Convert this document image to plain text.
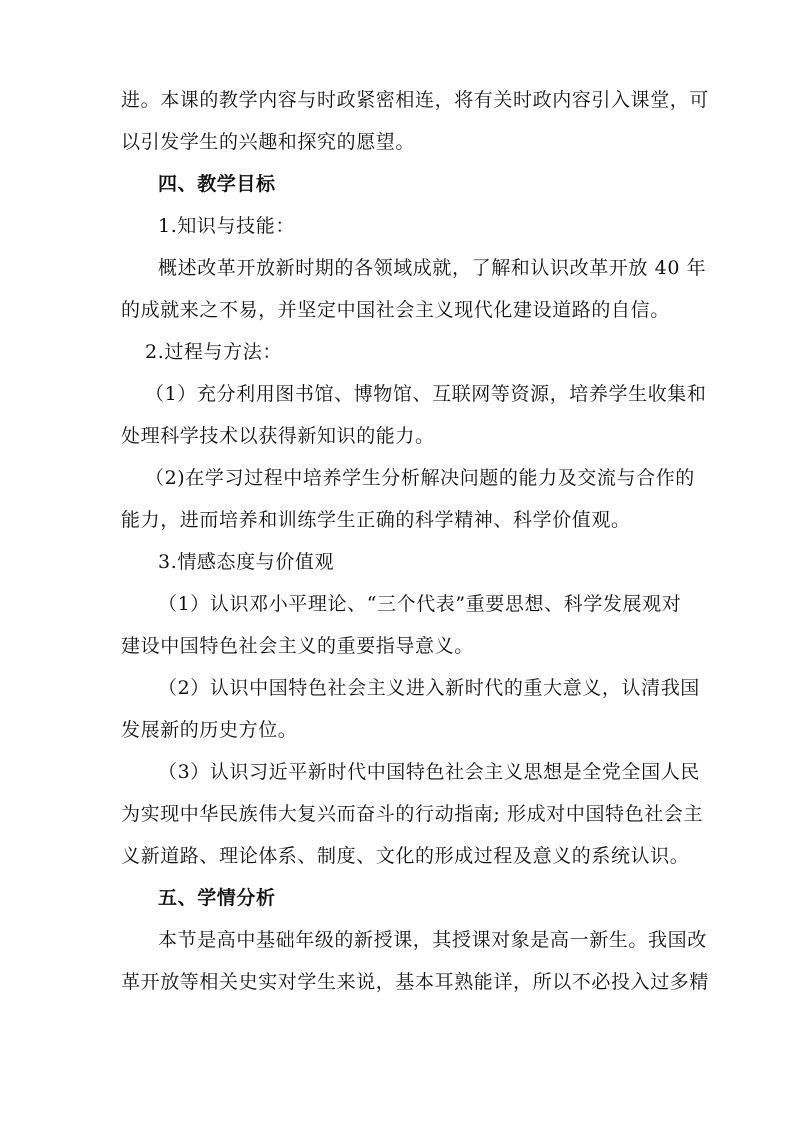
进。本课的教学内容与时政紧密相连，将有关时政内容引入课堂，可
以引发学生的兴趣和探究的愿望。
四、教学目标
1.知识与技能：
概述改革开放新时期的各领域成就，了解和认识改革开放 40 年
的成就来之不易，并坚定中国社会主义现代化建设道路的自信。
2.过程与方法：
（1）充分利用图书馆、博物馆、互联网等资源，培养学生收集和
处理科学技术以获得新知识的能力。
（2)在学习过程中培养学生分析解决问题的能力及交流与合作的
能力，进而培养和训练学生正确的科学精神、科学价值观。
3.情感态度与价值观
（1）认识邓小平理论、“三个代表”重要思想、科学发展观对
建设中国特色社会主义的重要指导意义。
（2）认识中国特色社会主义进入新时代的重大意义，认清我国
发展新的历史方位。
（3）认识习近平新时代中国特色社会主义思想是全党全国人民
为实现中华民族伟大复兴而奋斗的行动指南; 形成对中国特色社会主
义新道路、理论体系、制度、文化的形成过程及意义的系统认识。
五、学情分析
本节是高中基础年级的新授课，其授课对象是高一新生。我国改
革开放等相关史实对学生来说，基本耳熟能详，所以不必投入过多精
